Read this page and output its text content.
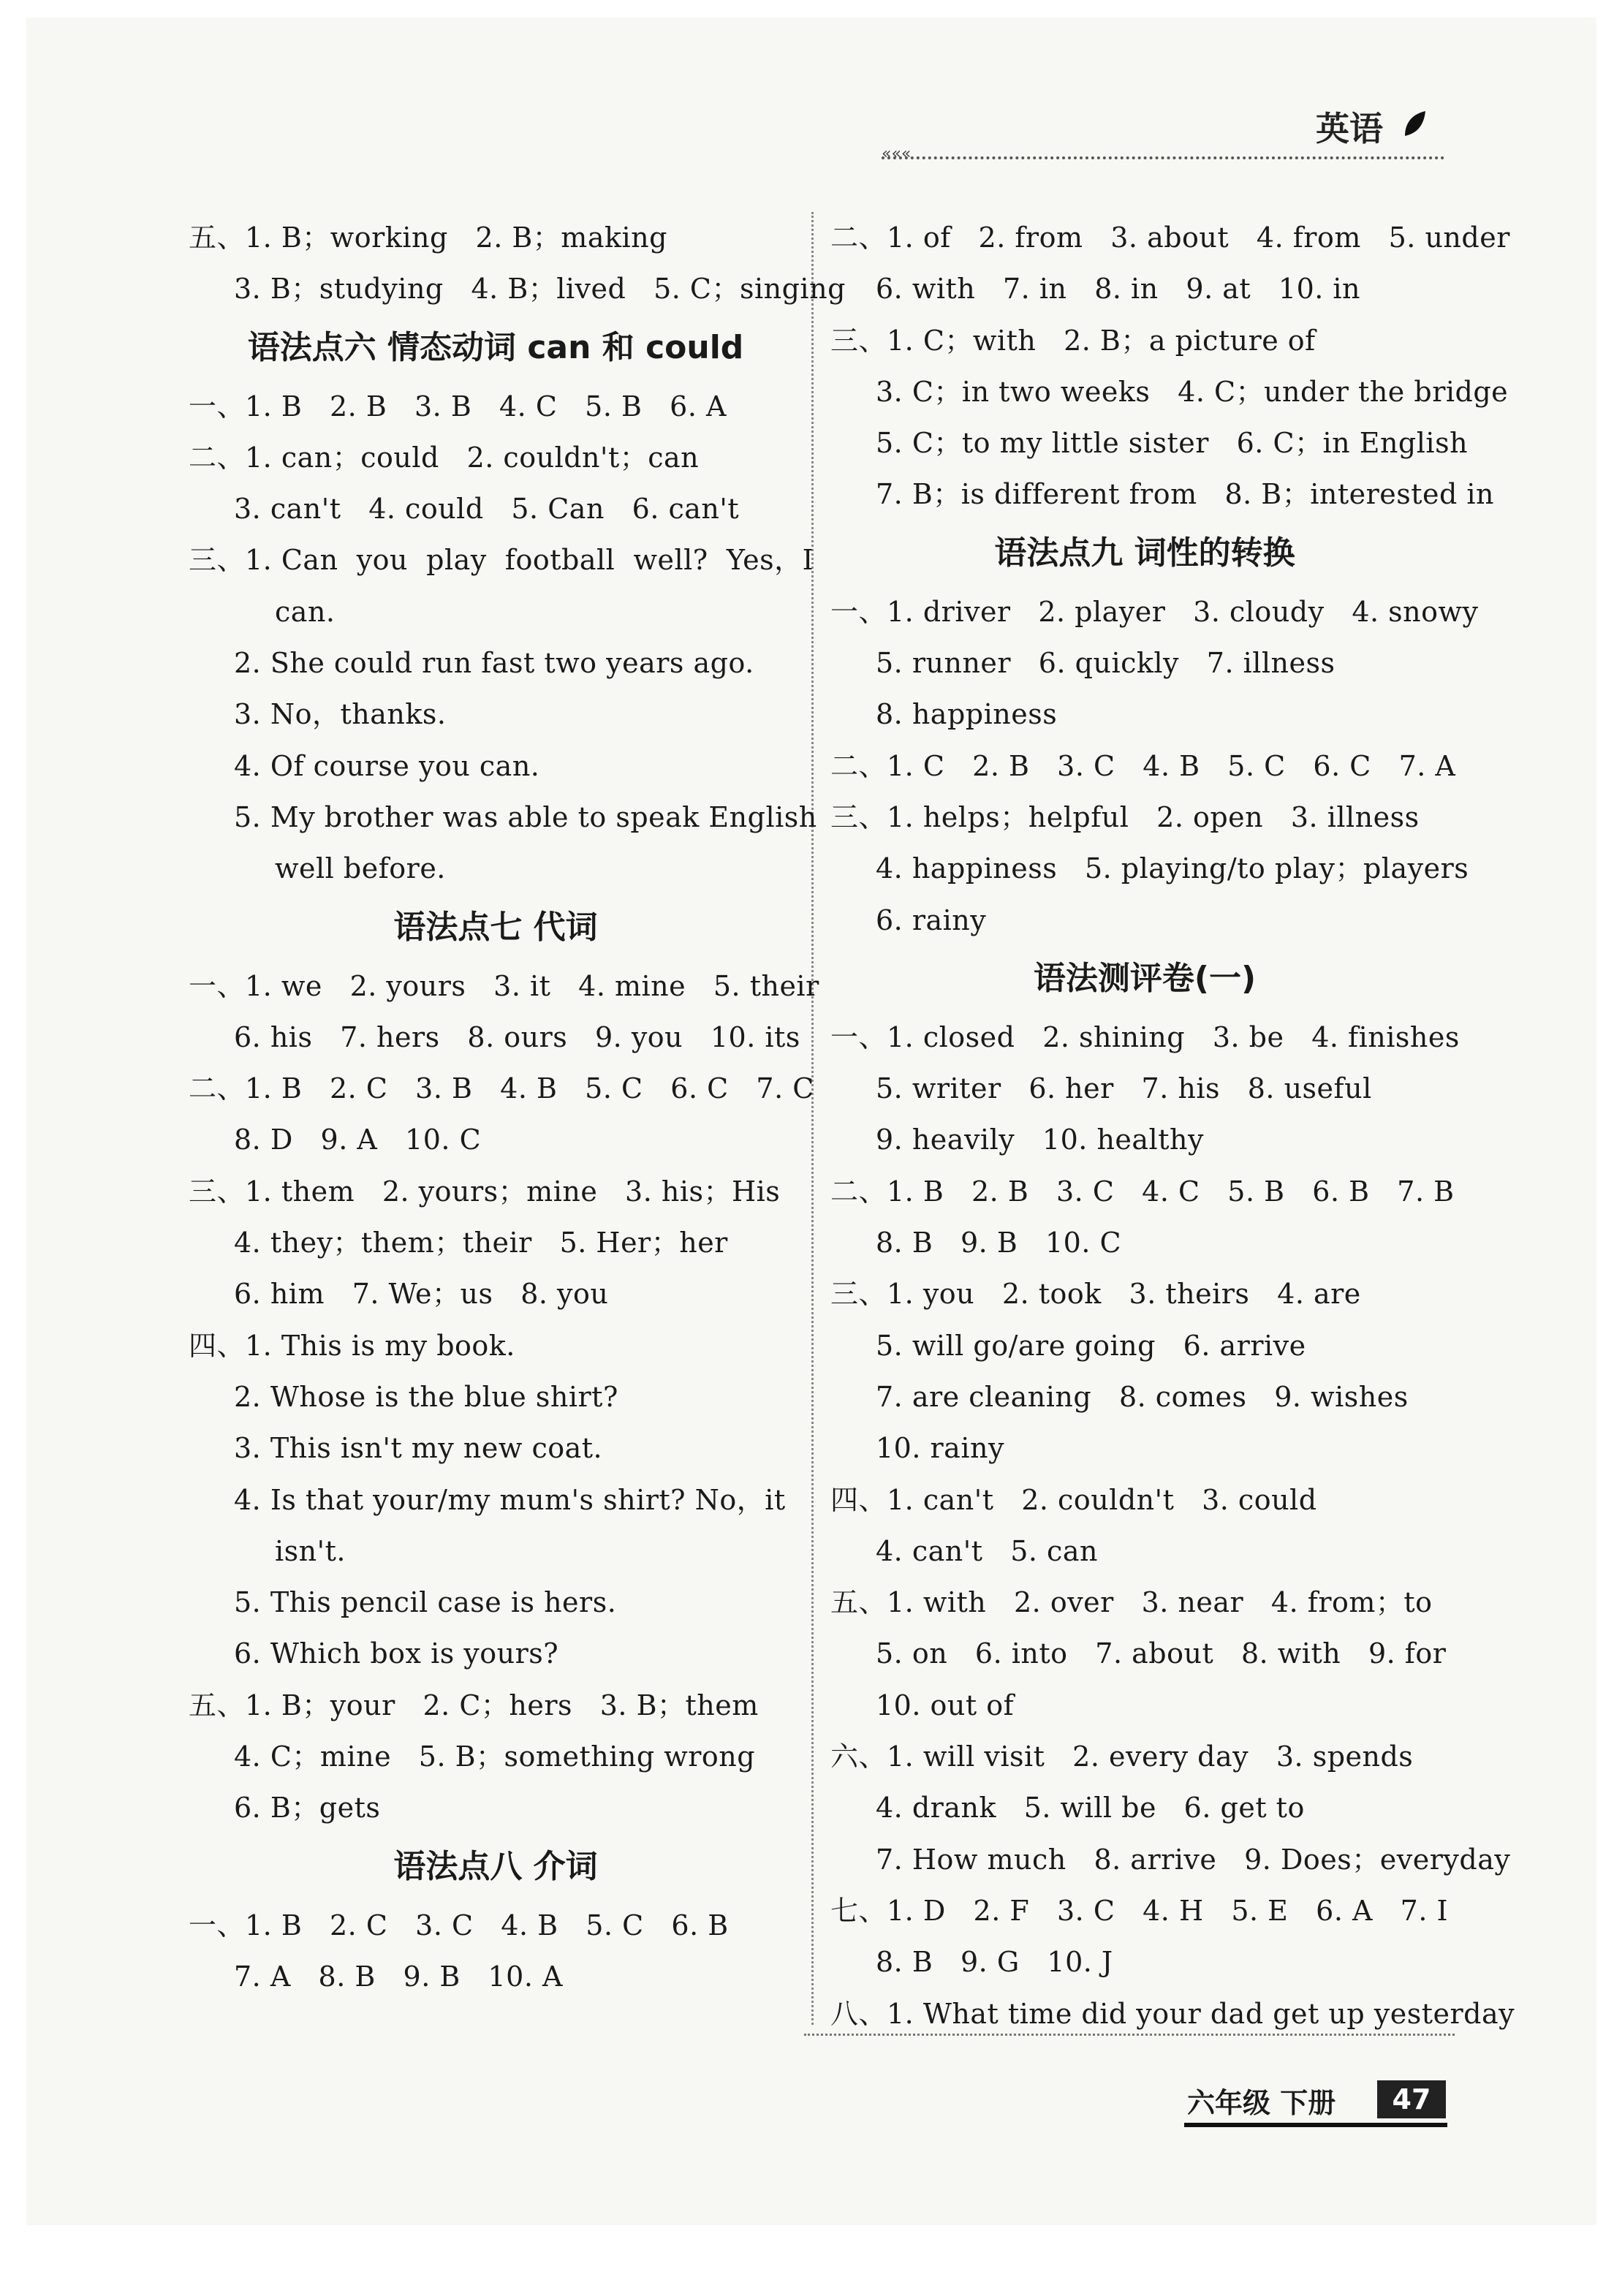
英语
«««
五、1. B；working   2. B；making
3. B；studying   4. B；lived   5. C；singing
语法点六 情态动词 can 和 could
一、1. B   2. B   3. B   4. C   5. B   6. A
二、1. can；could   2. couldn't；can
3. can't   4. could   5. Can   6. can't
三、1. Can  you  play  football  well?  Yes，I
can.
2. She could run fast two years ago.
3. No，thanks.
4. Of course you can.
5. My brother was able to speak English
well before.
语法点七 代词
一、1. we   2. yours   3. it   4. mine   5. their
6. his   7. hers   8. ours   9. you   10. its
二、1. B   2. C   3. B   4. B   5. C   6. C   7. C
8. D   9. A   10. C
三、1. them   2. yours；mine   3. his；His
4. they；them；their   5. Her；her
6. him   7. We；us   8. you
四、1. This is my book.
2. Whose is the blue shirt?
3. This isn't my new coat.
4. Is that your/my mum's shirt? No，it
isn't.
5. This pencil case is hers.
6. Which box is yours?
五、1. B；your   2. C；hers   3. B；them
4. C；mine   5. B；something wrong
6. B；gets
语法点八 介词
一、1. B   2. C   3. C   4. B   5. C   6. B
7. A   8. B   9. B   10. A
二、1. of   2. from   3. about   4. from   5. under
6. with   7. in   8. in   9. at   10. in
三、1. C；with   2. B；a picture of
3. C；in two weeks   4. C；under the bridge
5. C；to my little sister   6. C；in English
7. B；is different from   8. B；interested in
语法点九 词性的转换
一、1. driver   2. player   3. cloudy   4. snowy
5. runner   6. quickly   7. illness
8. happiness
二、1. C   2. B   3. C   4. B   5. C   6. C   7. A
三、1. helps；helpful   2. open   3. illness
4. happiness   5. playing/to play；players
6. rainy
语法测评卷(一)
一、1. closed   2. shining   3. be   4. finishes
5. writer   6. her   7. his   8. useful
9. heavily   10. healthy
二、1. B   2. B   3. C   4. C   5. B   6. B   7. B
8. B   9. B   10. C
三、1. you   2. took   3. theirs   4. are
5. will go/are going   6. arrive
7. are cleaning   8. comes   9. wishes
10. rainy
四、1. can't   2. couldn't   3. could
4. can't   5. can
五、1. with   2. over   3. near   4. from；to
5. on   6. into   7. about   8. with   9. for
10. out of
六、1. will visit   2. every day   3. spends
4. drank   5. will be   6. get to
7. How much   8. arrive   9. Does；everyday
七、1. D   2. F   3. C   4. H   5. E   6. A   7. I
8. B   9. G   10. J
八、1. What time did your dad get up yesterday
六年级 下册	47
